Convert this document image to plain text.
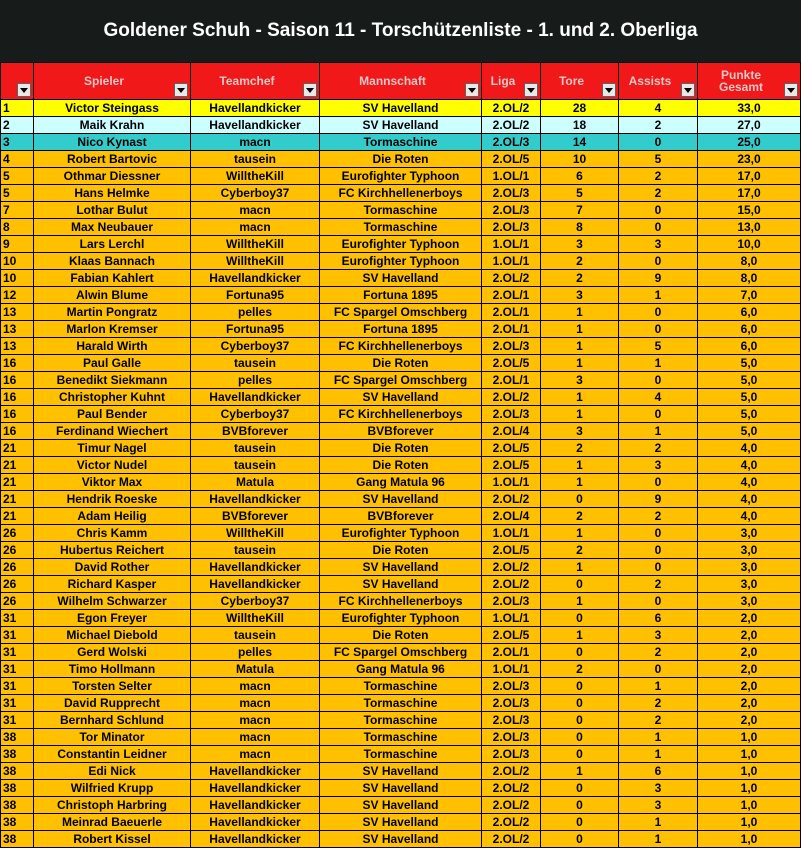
Goldener Schuh - Saison 11 - Torschützenliste - 1. und 2. Oberliga
	Spieler	Teamchef	Mannschaft	Liga	Tore	Assists	Punkte Gesamt

1	Victor Steingass	Havellandkicker	SV Havelland	2.OL/2	28	4	33,0
2	Maik Krahn	Havellandkicker	SV Havelland	2.OL/2	18	2	27,0
3	Nico Kynast	macn	Tormaschine	2.OL/3	14	0	25,0
4	Robert Bartovic	tausein	Die Roten	2.OL/5	10	5	23,0
5	Othmar Diessner	WilltheKill	Eurofighter Typhoon	1.OL/1	6	2	17,0
5	Hans Helmke	Cyberboy37	FC Kirchhellenerboys	2.OL/3	5	2	17,0
7	Lothar Bulut	macn	Tormaschine	2.OL/3	7	0	15,0
8	Max Neubauer	macn	Tormaschine	2.OL/3	8	0	13,0
9	Lars Lerchl	WilltheKill	Eurofighter Typhoon	1.OL/1	3	3	10,0
10	Klaas Bannach	WilltheKill	Eurofighter Typhoon	1.OL/1	2	0	8,0
10	Fabian Kahlert	Havellandkicker	SV Havelland	2.OL/2	2	9	8,0
12	Alwin Blume	Fortuna95	Fortuna 1895	2.OL/1	3	1	7,0
13	Martin Pongratz	pelles	FC Spargel Omschberg	2.OL/1	1	0	6,0
13	Marlon Kremser	Fortuna95	Fortuna 1895	2.OL/1	1	0	6,0
13	Harald Wirth	Cyberboy37	FC Kirchhellenerboys	2.OL/3	1	5	6,0
16	Paul Galle	tausein	Die Roten	2.OL/5	1	1	5,0
16	Benedikt Siekmann	pelles	FC Spargel Omschberg	2.OL/1	3	0	5,0
16	Christopher Kuhnt	Havellandkicker	SV Havelland	2.OL/2	1	4	5,0
16	Paul Bender	Cyberboy37	FC Kirchhellenerboys	2.OL/3	1	0	5,0
16	Ferdinand Wiechert	BVBforever	BVBforever	2.OL/4	3	1	5,0
21	Timur Nagel	tausein	Die Roten	2.OL/5	2	2	4,0
21	Victor Nudel	tausein	Die Roten	2.OL/5	1	3	4,0
21	Viktor Max	Matula	Gang Matula 96	1.OL/1	1	0	4,0
21	Hendrik Roeske	Havellandkicker	SV Havelland	2.OL/2	0	9	4,0
21	Adam Heilig	BVBforever	BVBforever	2.OL/4	2	2	4,0
26	Chris Kamm	WilltheKill	Eurofighter Typhoon	1.OL/1	1	0	3,0
26	Hubertus Reichert	tausein	Die Roten	2.OL/5	2	0	3,0
26	David Rother	Havellandkicker	SV Havelland	2.OL/2	1	0	3,0
26	Richard Kasper	Havellandkicker	SV Havelland	2.OL/2	0	2	3,0
26	Wilhelm Schwarzer	Cyberboy37	FC Kirchhellenerboys	2.OL/3	1	0	3,0
31	Egon Freyer	WilltheKill	Eurofighter Typhoon	1.OL/1	0	6	2,0
31	Michael Diebold	tausein	Die Roten	2.OL/5	1	3	2,0
31	Gerd Wolski	pelles	FC Spargel Omschberg	2.OL/1	0	2	2,0
31	Timo Hollmann	Matula	Gang Matula 96	1.OL/1	2	0	2,0
31	Torsten Selter	macn	Tormaschine	2.OL/3	0	1	2,0
31	David Rupprecht	macn	Tormaschine	2.OL/3	0	2	2,0
31	Bernhard Schlund	macn	Tormaschine	2.OL/3	0	2	2,0
38	Tor Minator	macn	Tormaschine	2.OL/3	0	1	1,0
38	Constantin Leidner	macn	Tormaschine	2.OL/3	0	1	1,0
38	Edi Nick	Havellandkicker	SV Havelland	2.OL/2	1	6	1,0
38	Wilfried Krupp	Havellandkicker	SV Havelland	2.OL/2	0	3	1,0
38	Christoph Harbring	Havellandkicker	SV Havelland	2.OL/2	0	3	1,0
38	Meinrad Baeuerle	Havellandkicker	SV Havelland	2.OL/2	0	1	1,0
38	Robert Kissel	Havellandkicker	SV Havelland	2.OL/2	0	1	1,0
